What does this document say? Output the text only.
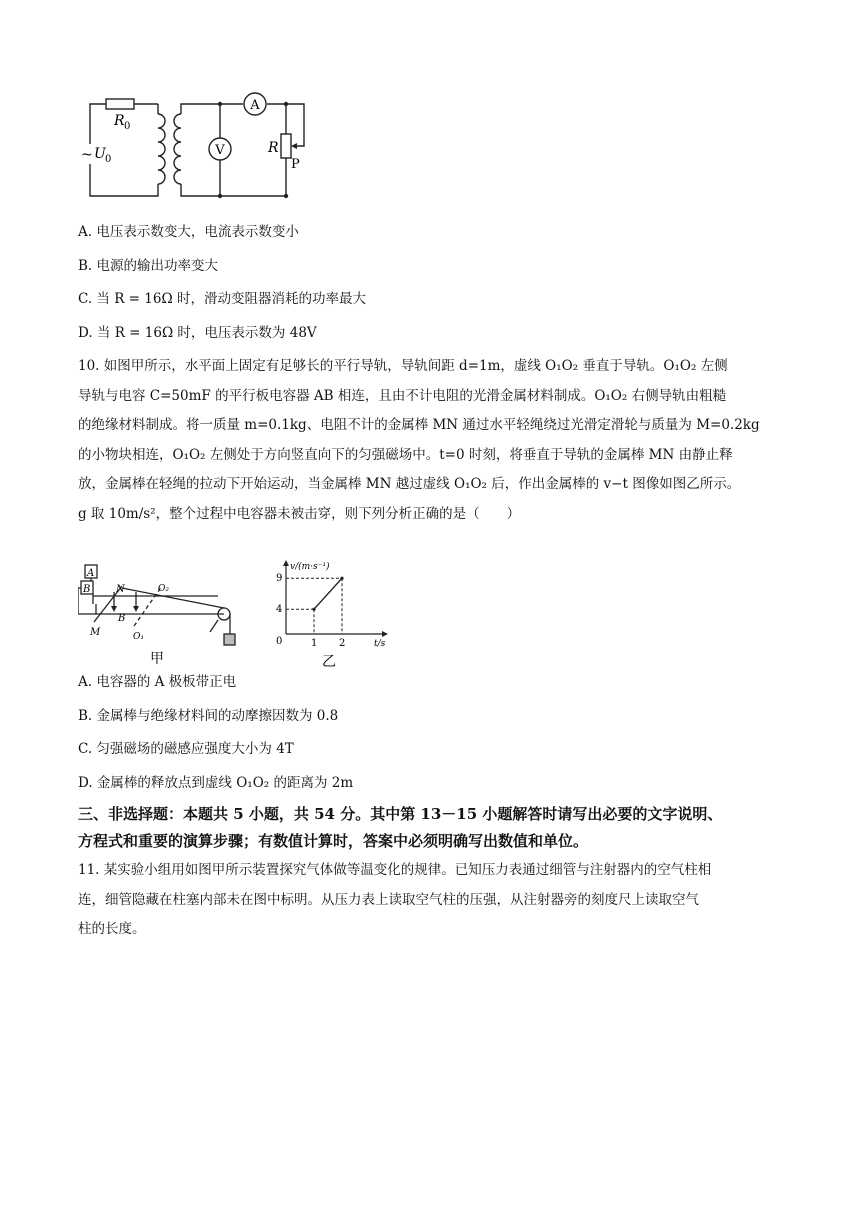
R 0
~ U 0
A
V	R
P
A. 电压表示数变大，电流表示数变小
B. 电源的输出功率变大
C. 当 R = 16Ω 时，滑动变阻器消耗的功率最大
D. 当 R = 16Ω 时，电压表示数为 48V

10. 如图甲所示，水平面上固定有足够长的平行导轨，导轨间距 d=1m，虚线 O₁O₂ 垂直于导轨。O₁O₂ 左侧

导轨与电容 C=50mF 的平行板电容器 AB 相连，且由不计电阻的光滑金属材料制成。O₁O₂ 右侧导轨由粗糙

的绝缘材料制成。将一质量 m=0.1kg、电阻不计的金属棒 MN 通过水平轻绳绕过光滑定滑轮与质量为 M=0.2kg

的小物块相连，O₁O₂ 左侧处于方向竖直向下的匀强磁场中。t=0 时刻，将垂直于导轨的金属棒 MN 由静止释

放，金属棒在轻绳的拉动下开始运动，当金属棒 MN 越过虚线 O₁O₂ 后，作出金属棒的 v−t 图像如图乙所示。

g 取 10m/s²，整个过程中电容器未被击穿，则下列分析正确的是（　　）

A
B	N
M
B
O₁
O₂
甲
4
9
1 2
v/(m·s⁻¹)
t/s
0
乙
A. 电容器的 A 极板带正电
B. 金属棒与绝缘材料间的动摩擦因数为 0.8
C. 匀强磁场的磁感应强度大小为 4T
D. 金属棒的释放点到虚线 O₁O₂ 的距离为 2m

三、非选择题：本题共 5 小题，共 54 分。其中第 13－15 小题解答时请写出必要的文字说明、

方程式和重要的演算步骤；有数值计算时，答案中必须明确写出数值和单位。

11. 某实验小组用如图甲所示装置探究气体做等温变化的规律。已知压力表通过细管与注射器内的空气柱相

连，细管隐藏在柱塞内部未在图中标明。从压力表上读取空气柱的压强，从注射器旁的刻度尺上读取空气

柱的长度。
